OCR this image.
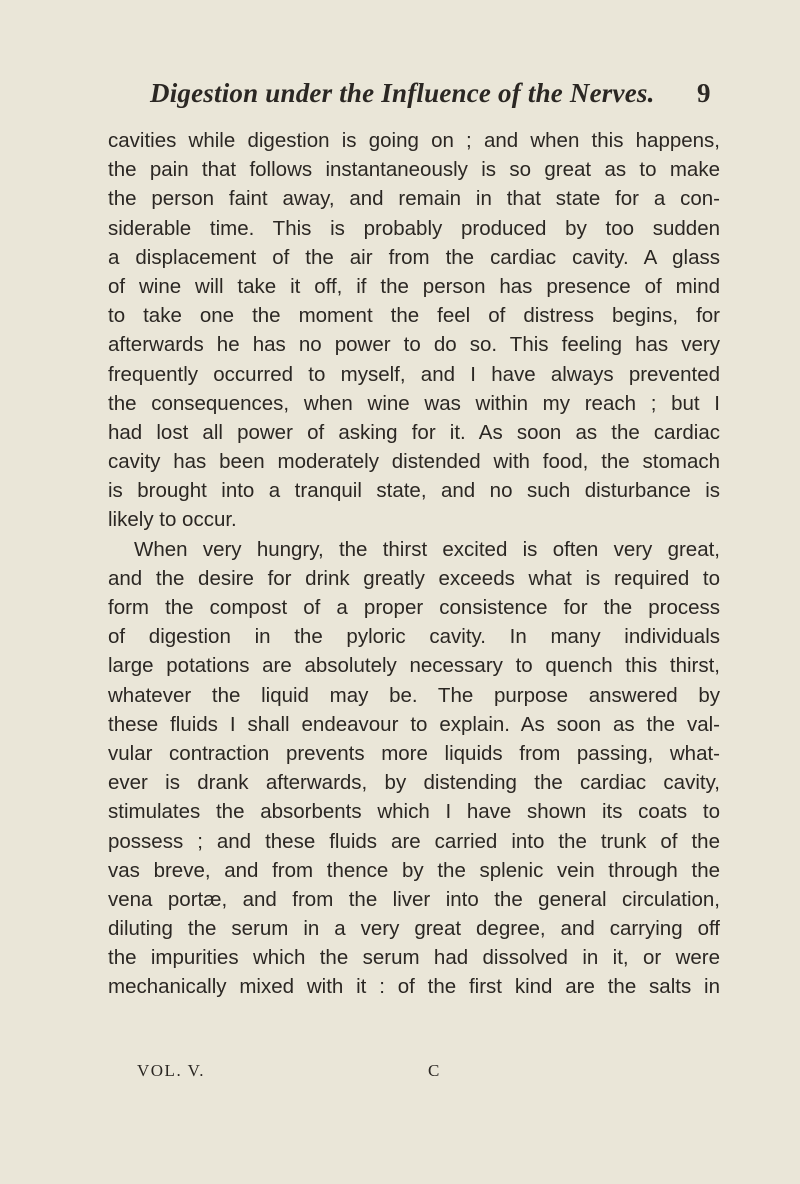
Digestion under the Influence of the Nerves. 9
cavities while digestion is going on ; and when this happens,
the pain that follows instantaneously is so great as to make
the person faint away, and remain in that state for a con-
siderable time. This is probably produced by too sudden
a displacement of the air from the cardiac cavity. A glass
of wine will take it off, if the person has presence of mind
to take one the moment the feel of distress begins, for
afterwards he has no power to do so. This feeling has very
frequently occurred to myself, and I have always prevented
the consequences, when wine was within my reach ; but I
had lost all power of asking for it. As soon as the cardiac
cavity has been moderately distended with food, the stomach
is brought into a tranquil state, and no such disturbance is
likely to occur.
When very hungry, the thirst excited is often very great,
and the desire for drink greatly exceeds what is required to
form the compost of a proper consistence for the process
of digestion in the pyloric cavity. In many individuals
large potations are absolutely necessary to quench this thirst,
whatever the liquid may be. The purpose answered by
these fluids I shall endeavour to explain. As soon as the val-
vular contraction prevents more liquids from passing, what-
ever is drank afterwards, by distending the cardiac cavity,
stimulates the absorbents which I have shown its coats to
possess ; and these fluids are carried into the trunk of the
vas breve, and from thence by the splenic vein through the
vena portæ, and from the liver into the general circulation,
diluting the serum in a very great degree, and carrying off
the impurities which the serum had dissolved in it, or were
mechanically mixed with it : of the first kind are the salts in
VOL. V.	C
